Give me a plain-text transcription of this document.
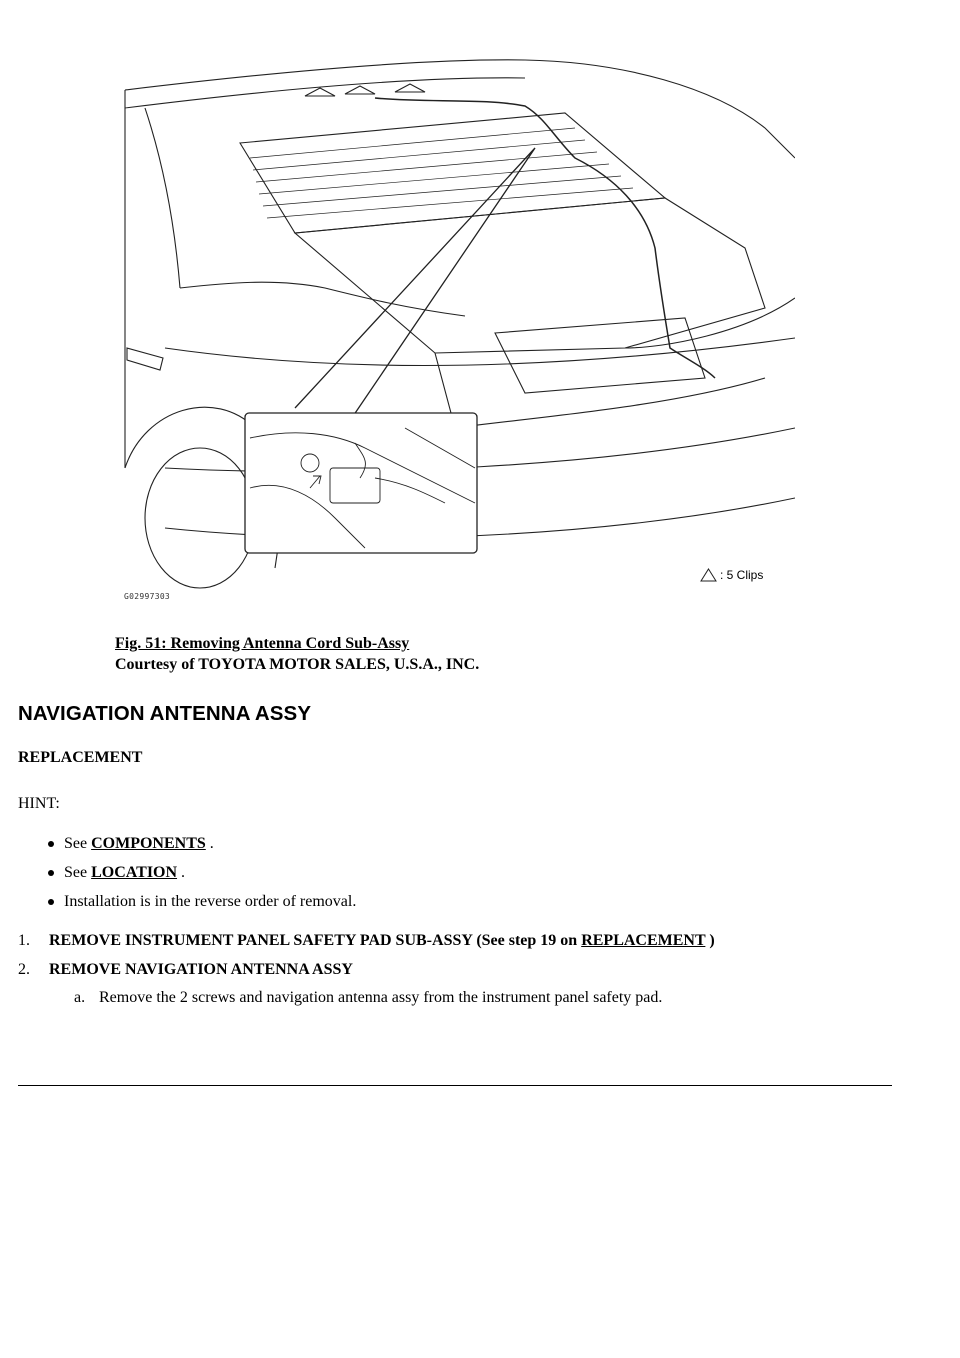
G02997303
: 5 Clips
Fig. 51: Removing Antenna Cord Sub-Assy
Courtesy of TOYOTA MOTOR SALES, U.S.A., INC.
NAVIGATION ANTENNA ASSY
REPLACEMENT
HINT:
See COMPONENTS .
See LOCATION .
Installation is in the reverse order of removal.
1. REMOVE INSTRUMENT PANEL SAFETY PAD SUB-ASSY (See step 19 on REPLACEMENT )
2. REMOVE NAVIGATION ANTENNA ASSY
a. Remove the 2 screws and navigation antenna assy from the instrument panel safety pad.
